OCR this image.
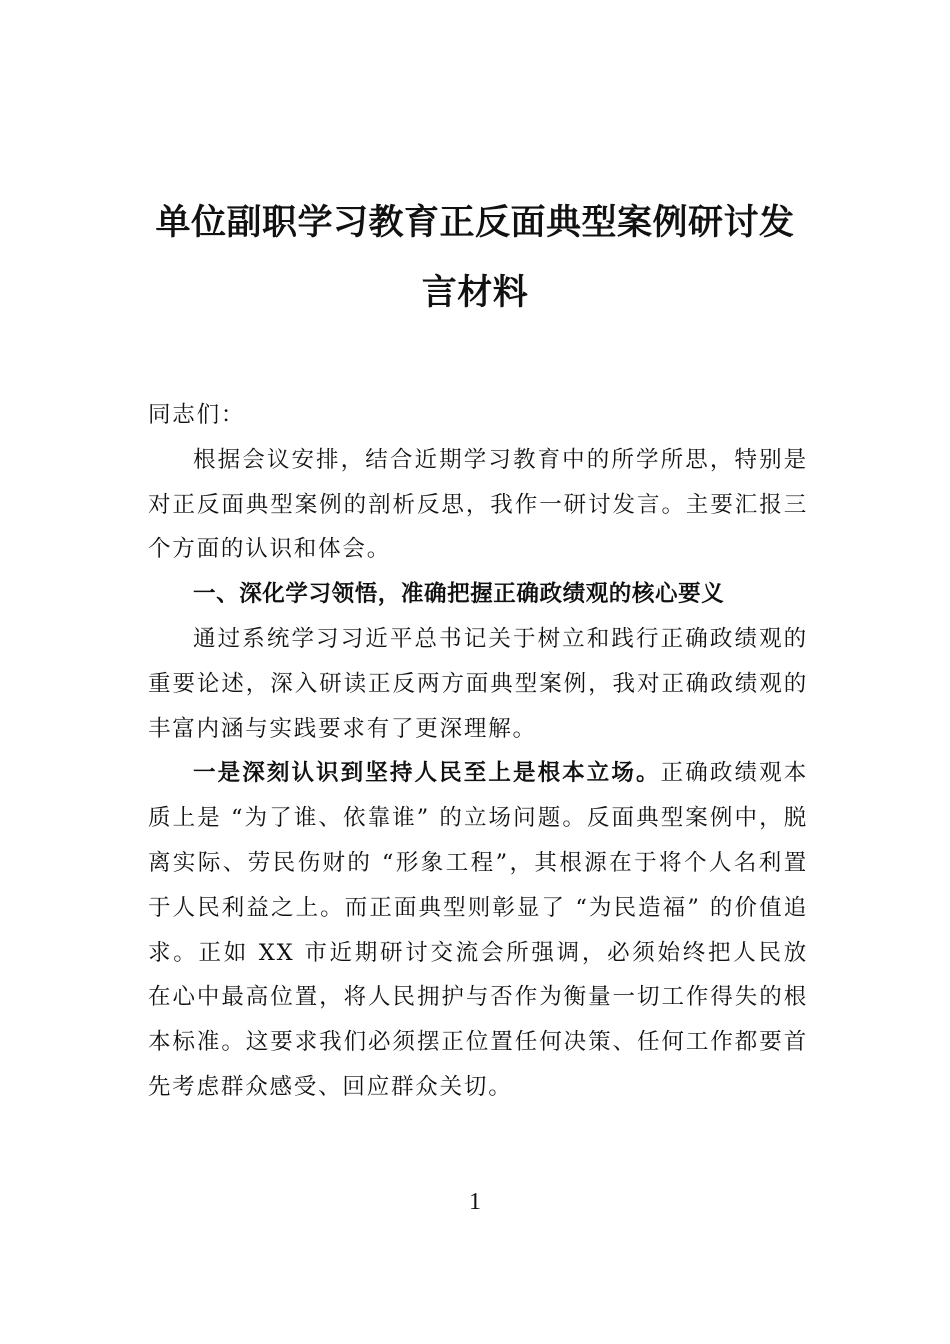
单位副职学习教育正反面典型案例研讨发
言材料

同志们：

根据会议安排，结合近期学习教育中的所学所思，特别是对正反面典型案例的剖析反思，我作一研讨发言。主要汇报三个方面的认识和体会。

一、深化学习领悟，准确把握正确政绩观的核心要义

通过系统学习习近平总书记关于树立和践行正确政绩观的重要论述，深入研读正反两方面典型案例，我对正确政绩观的丰富内涵与实践要求有了更深理解。

一是深刻认识到坚持人民至上是根本立场。正确政绩观本质上是 “为了谁、依靠谁” 的立场问题。反面典型案例中，脱离实际、劳民伤财的 “形象工程”，其根源在于将个人名利置于人民利益之上。而正面典型则彰显了 “为民造福” 的价值追求。正如 XX 市近期研讨交流会所强调，必须始终把人民放在心中最高位置，将人民拥护与否作为衡量一切工作得失的根本标准。这要求我们必须摆正位置任何决策、任何工作都要首先考虑群众感受、回应群众关切。

1
